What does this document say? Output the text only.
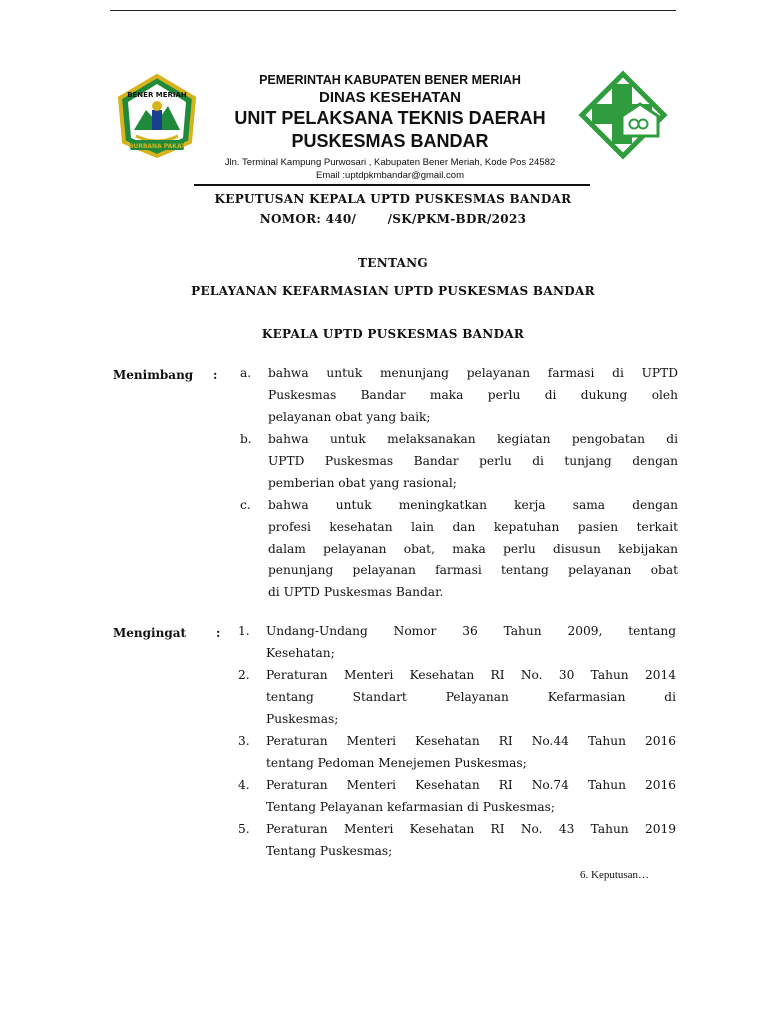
BENER MERIAH
BURBANA PAKAT
PEMERINTAH KABUPATEN BENER MERIAH
DINAS KESEHATAN
UNIT PELAKSANA TEKNIS DAERAH
PUSKESMAS BANDAR
Jln. Terminal Kampung Purwosari , Kabupaten Bener Meriah, Kode Pos 24582
Email :uptdpkmbandar@gmail.com
KEPUTUSAN KEPALA UPTD PUSKESMAS BANDAR
NOMOR: 440/       /SK/PKM-BDR/2023
TENTANG
PELAYANAN KEFARMASIAN UPTD PUSKESMAS BANDAR
KEPALA UPTD PUSKESMAS BANDAR
Menimbang : a. bahwa untuk menunjang pelayanan farmasi di UPTD
Puskesmas Bandar maka perlu di dukung oleh
pelayanan obat yang baik;
b. bahwa untuk melaksanakan kegiatan pengobatan di
UPTD Puskesmas Bandar perlu di tunjang dengan
pemberian obat yang rasional;
c. bahwa untuk meningkatkan kerja sama dengan
profesi kesehatan lain dan kepatuhan pasien terkait
dalam pelayanan obat, maka perlu disusun kebijakan
penunjang pelayanan farmasi tentang pelayanan obat
di UPTD Puskesmas Bandar.
Mengingat : 1. Undang-Undang Nomor 36 Tahun 2009, tentang
Kesehatan;
2. Peraturan Menteri Kesehatan RI No. 30 Tahun 2014
tentang Standart Pelayanan Kefarmasian di
Puskesmas;
3. Peraturan Menteri Kesehatan RI No.44 Tahun 2016
tentang Pedoman Menejemen Puskesmas;
4. Peraturan Menteri Kesehatan RI No.74 Tahun 2016
Tentang Pelayanan kefarmasian di Puskesmas;
5. Peraturan Menteri Kesehatan RI No. 43 Tahun 2019
Tentang Puskesmas;
6. Keputusan…
